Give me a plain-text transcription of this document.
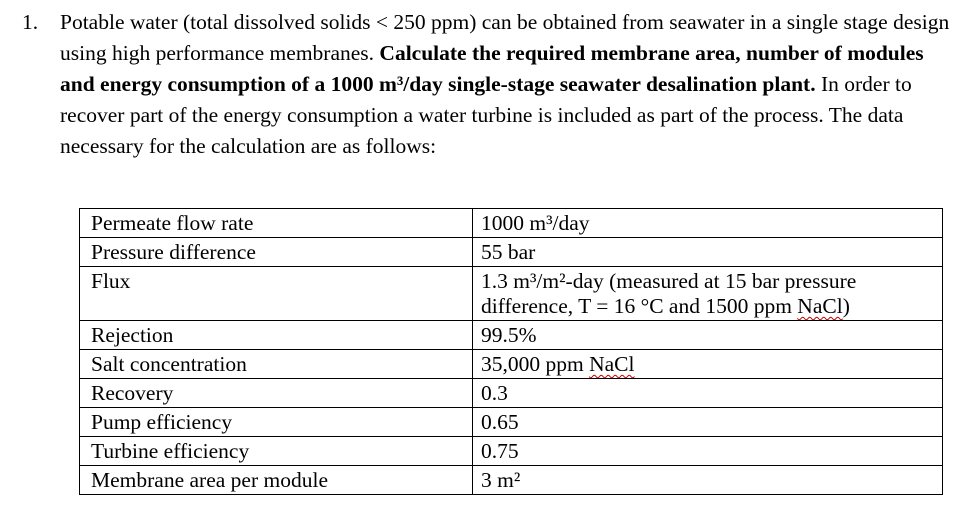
1. Potable water (total dissolved solids < 250 ppm) can be obtained from seawater in a single stage design using high performance membranes. Calculate the required membrane area, number of modules and energy consumption of a 1000 m³/day single-stage seawater desalination plant. In order to recover part of the energy consumption a water turbine is included as part of the process. The data necessary for the calculation are as follows:
Permeate flow rate	1000 m³/day
Pressure difference	55 bar
Flux	1.3 m³/m²-day (measured at 15 bar pressure difference, T = 16 °C and 1500 ppm NaCl)
Rejection	99.5%
Salt concentration	35,000 ppm NaCl
Recovery	0.3
Pump efficiency	0.65
Turbine efficiency	0.75
Membrane area per module	3 m²
